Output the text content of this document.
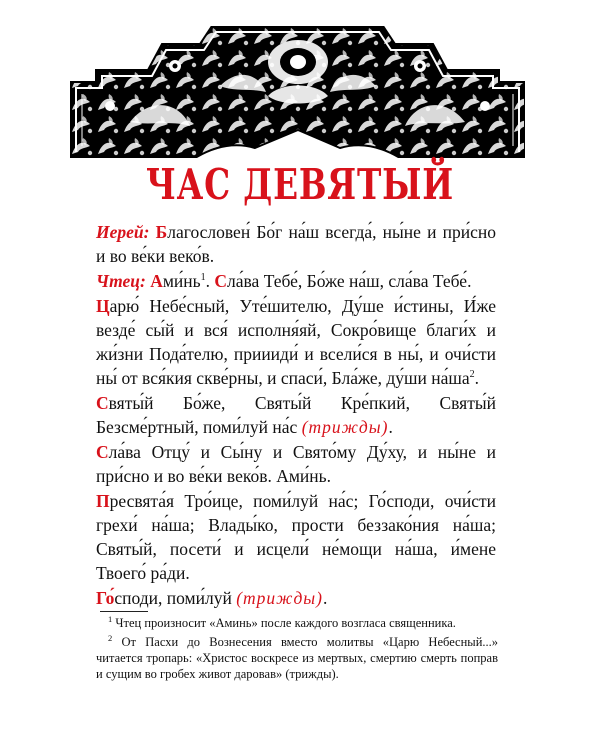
ЧАС ДЕВЯТЫЙ

Иерей: Благословен́ Бо́г на́ш всегда́, ны́не и при́сно и во ве́ки веко́в.

Чтец: $Ами́нь^1$. Сла́ва Тебе́, Бо́же на́ш, сла́ва Тебе́.

Царю́ Небе́сный, Уте́шителю, Ду́ше и́стины, И́же везде́ сы́й и вся́ исполня́яй, Сокро́вище благи́х и жи́зни Пода́телю, приииди́ и всели́ся в ны́, и очи́сти ны́ от вся́кия скве́рны, и спаси́, Бла́же, ду́ши $на́ша^2$.

Святы́й Бо́же, Святы́й Кре́пкий, Святы́й Безсме́ртный, поми́луй на́с (трижды).

Сла́ва Отцу́ и Сы́ну и Свято́му Ду́ху, и ны́не и при́сно и во ве́ки веко́в. Ами́нь.

Пресвята́я Тро́ице, поми́луй на́с; Го́споди, очи́сти грехи́ на́ша; Влады́ко, прости беззако́ния на́ша; Святы́й, посети́ и исцели́ не́мощи на́ша, и́мене Твоего́ ра́ди.

Го́споди, поми́луй (трижды).

$^1$ Чтец произносит «Аминь» после каждого возгласа священника.

$^2$ От Пасхи до Вознесения вместо молитвы «Царю Небесный...» читается тропарь: «Христос воскресе из мертвых, смертию смерть поправ и сущим во гробех живот даровав» (трижды).
